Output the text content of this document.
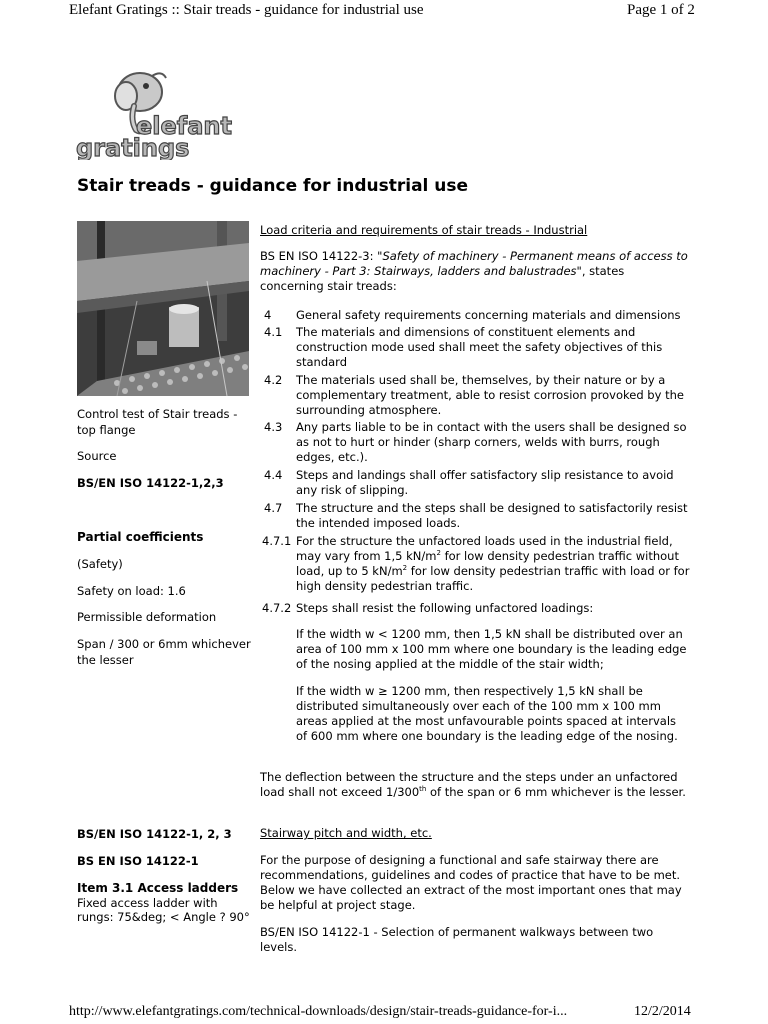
Elefant Gratings :: Stair treads - guidance for industrial use	Page 1 of 2
elefant
gratings
Stair treads - guidance for industrial use
Control test of Stair treads - top flange
Source
BS/EN ISO 14122-1,2,3
Partial coefficients
(Safety)
Safety on load: 1.6
Permissible deformation
Span / 300 or 6mm whichever the lesser
BS/EN ISO 14122-1, 2, 3
BS EN ISO 14122-1
Item 3.1 Access ladders
Fixed access ladder with rungs: 75&deg; < Angle ? 90°
Load criteria and requirements of stair treads - Industrial
BS EN ISO 14122-3: "Safety of machinery - Permanent means of access to machinery - Part 3: Stairways, ladders and balustrades", states concerning stair treads:
4 General safety requirements concerning materials and dimensions
4.1 The materials and dimensions of constituent elements and construction mode used shall meet the safety objectives of this standard
4.2 The materials used shall be, themselves, by their nature or by a complementary treatment, able to resist corrosion provoked by the surrounding atmosphere.
4.3 Any parts liable to be in contact with the users shall be designed so as not to hurt or hinder (sharp corners, welds with burrs, rough edges, etc.).
4.4 Steps and landings shall offer satisfactory slip resistance to avoid any risk of slipping.
4.7 The structure and the steps shall be designed to satisfactorily resist the intended imposed loads.
4.7.1 For the structure the unfactored loads used in the industrial field, may vary from 1,5 $kN/m^2$ for low density pedestrian traffic without load, up to 5 $kN/m^2$ for low density pedestrian traffic with load or for high density pedestrian traffic.
4.7.2 Steps shall resist the following unfactored loadings:
If the width w < 1200 mm, then 1,5 kN shall be distributed over an area of 100 mm x 100 mm where one boundary is the leading edge of the nosing applied at the middle of the stair width;
If the width w ≥ 1200 mm, then respectively 1,5 kN shall be distributed simultaneously over each of the 100 mm x 100 mm areas applied at the most unfavourable points spaced at intervals of 600 mm where one boundary is the leading edge of the nosing.
The deflection between the structure and the steps under an unfactored load shall not exceed 1/300th of the span or 6 mm whichever is the lesser.
Stairway pitch and width, etc.
For the purpose of designing a functional and safe stairway there are recommendations, guidelines and codes of practice that have to be met. Below we have collected an extract of the most important ones that may be helpful at project stage.
BS/EN ISO 14122-1 - Selection of permanent walkways between two levels.
http://www.elefantgratings.com/technical-downloads/design/stair-treads-guidance-for-i...	12/2/2014
